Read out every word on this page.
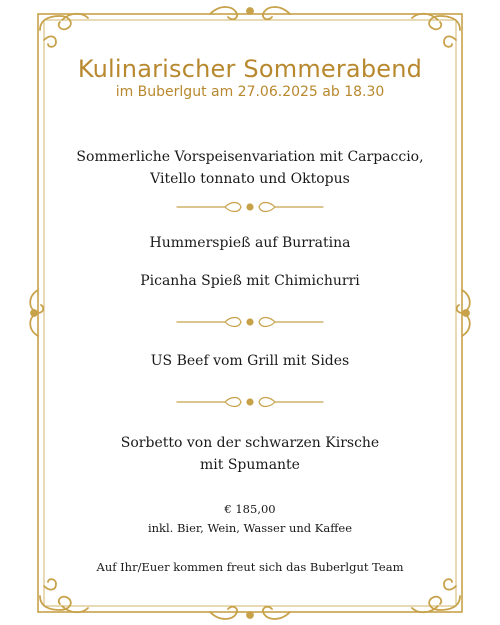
Kulinarischer Sommerabend
im Buberlgut am 27.06.2025 ab 18.30
Sommerliche Vorspeisenvariation mit Carpaccio,
Vitello tonnato und Oktopus
Hummerspieß auf Burratina
Picanha Spieß mit Chimichurri
US Beef vom Grill mit Sides
Sorbetto von der schwarzen Kirsche
mit Spumante
€ 185,00
inkl. Bier, Wein, Wasser und Kaffee
Auf Ihr/Euer kommen freut sich das Buberlgut Team
